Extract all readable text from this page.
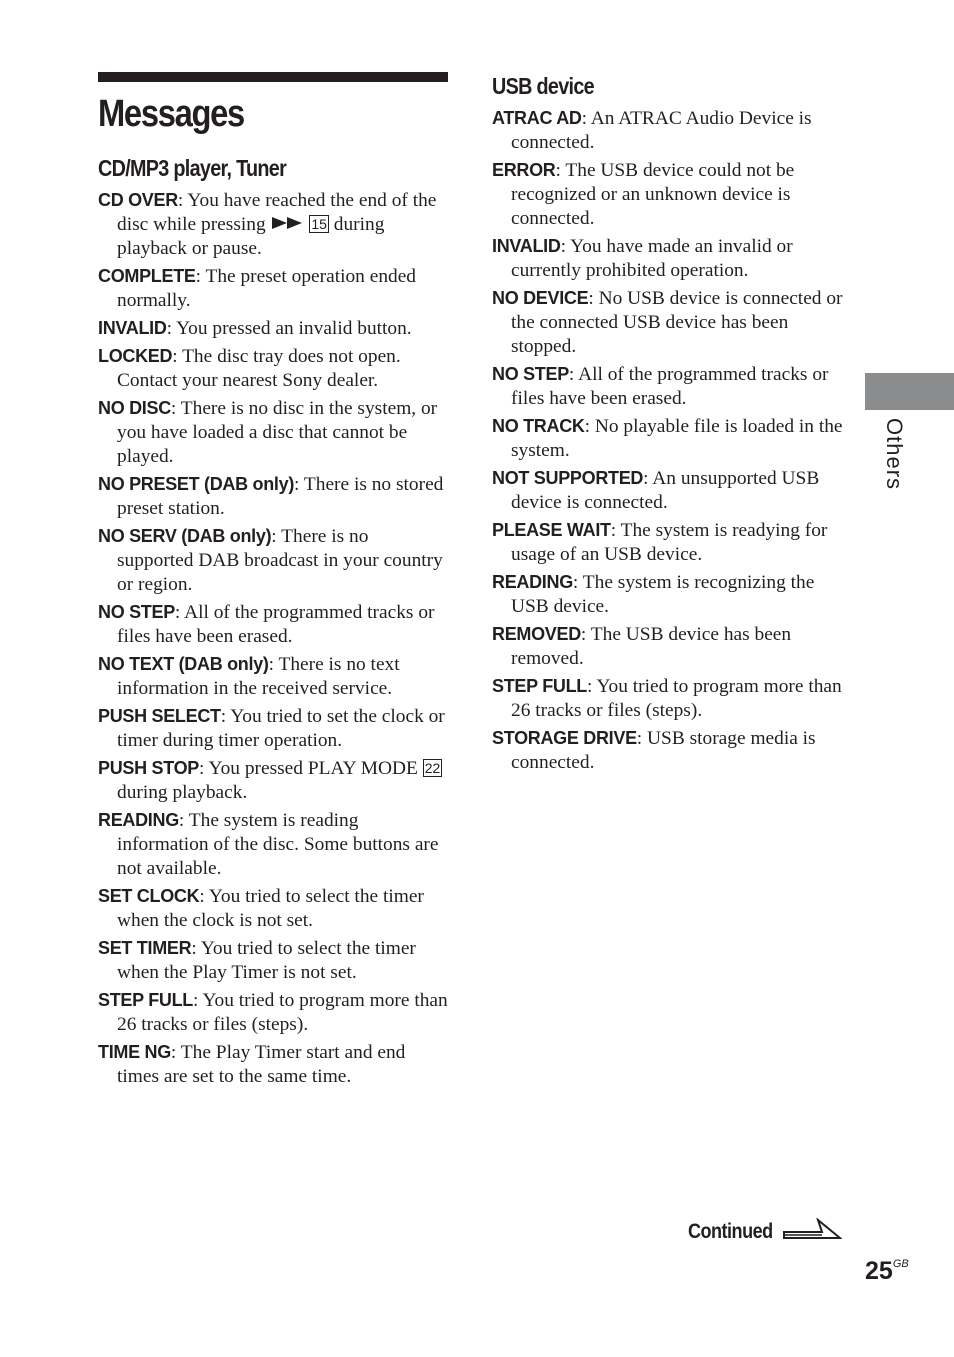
Messages
CD/MP3 player, Tuner
CD OVER: You have reached the end of the disc while pressing	15 during playback or pause.
COMPLETE: The preset operation ended normally.
INVALID: You pressed an invalid button.
LOCKED: The disc tray does not open. Contact your nearest Sony dealer.
NO DISC: There is no disc in the system, or you have loaded a disc that cannot be played.
NO PRESET (DAB only): There is no stored preset station.
NO SERV (DAB only): There is no supported DAB broadcast in your country or region.
NO STEP: All of the programmed tracks or files have been erased.
NO TEXT (DAB only): There is no text information in the received service.
PUSH SELECT: You tried to set the clock or timer during timer operation.
PUSH STOP: You pressed PLAY MODE 22 during playback.
READING: The system is reading information of the disc. Some buttons are not available.
SET CLOCK: You tried to select the timer when the clock is not set.
SET TIMER: You tried to select the timer when the Play Timer is not set.
STEP FULL: You tried to program more than 26 tracks or files (steps).
TIME NG: The Play Timer start and end times are set to the same time.
USB device
ATRAC AD: An ATRAC Audio Device is connected.
ERROR: The USB device could not be recognized or an unknown device is connected.
INVALID: You have made an invalid or currently prohibited operation.
NO DEVICE: No USB device is connected or the connected USB device has been stopped.
NO STEP: All of the programmed tracks or files have been erased.
NO TRACK: No playable file is loaded in the system.
NOT SUPPORTED: An unsupported USB device is connected.
PLEASE WAIT: The system is readying for usage of an USB device.
READING: The system is recognizing the USB device.
REMOVED: The USB device has been removed.
STEP FULL: You tried to program more than 26 tracks or files (steps).
STORAGE DRIVE: USB storage media is connected.
Others
Continued
$25^{GB}$
